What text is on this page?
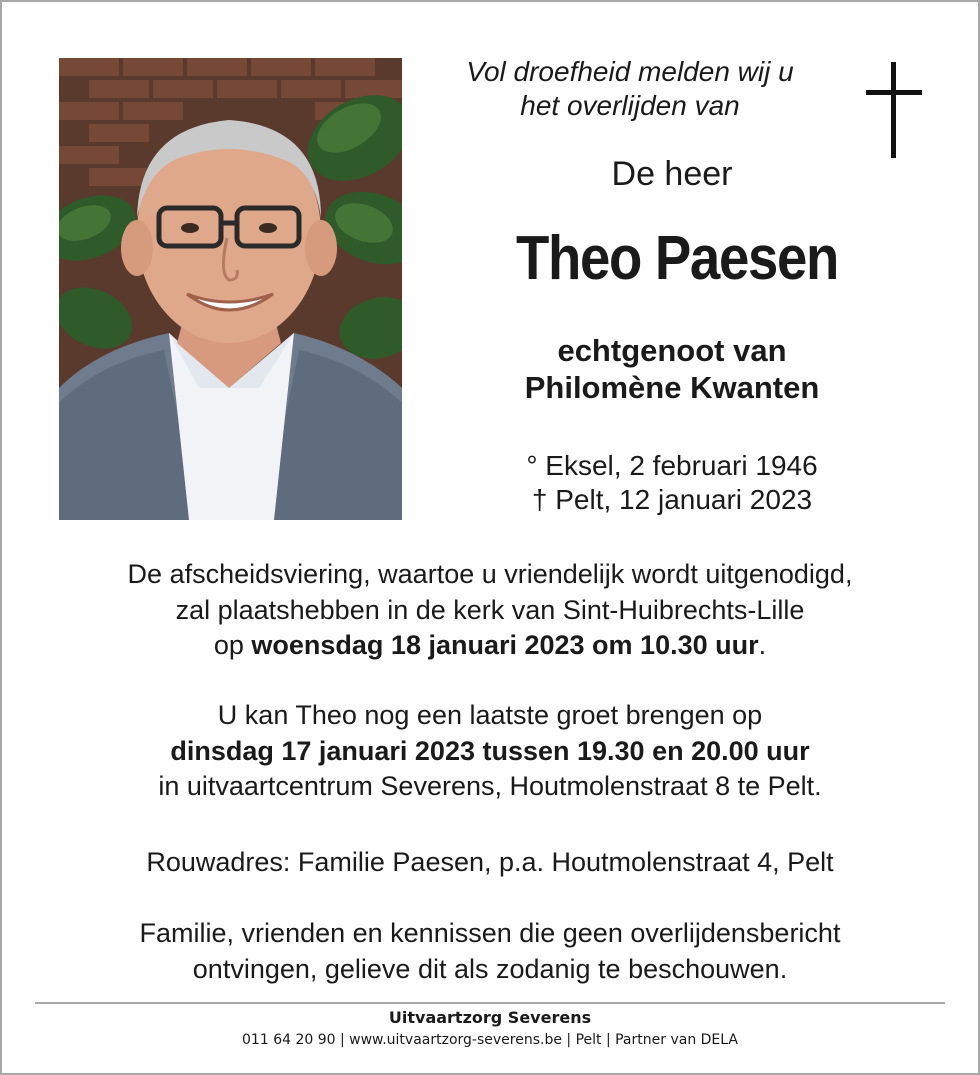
Vol droefheid melden wij u
het overlijden van
De heer
Theo Paesen
echtgenoot van
Philomène Kwanten
° Eksel, 2 februari 1946
† Pelt, 12 januari 2023
De afscheidsviering, waartoe u vriendelijk wordt uitgenodigd,
zal plaatshebben in de kerk van Sint-Huibrechts-Lille
op woensdag 18 januari 2023 om 10.30 uur.
U kan Theo nog een laatste groet brengen op
dinsdag 17 januari 2023 tussen 19.30 en 20.00 uur
in uitvaartcentrum Severens, Houtmolenstraat 8 te Pelt.
Rouwadres: Familie Paesen, p.a. Houtmolenstraat 4, Pelt
Familie, vrienden en kennissen die geen overlijdensbericht
ontvingen, gelieve dit als zodanig te beschouwen.
Uitvaartzorg Severens
011 64 20 90 | www.uitvaartzorg-severens.be | Pelt | Partner van DELA
